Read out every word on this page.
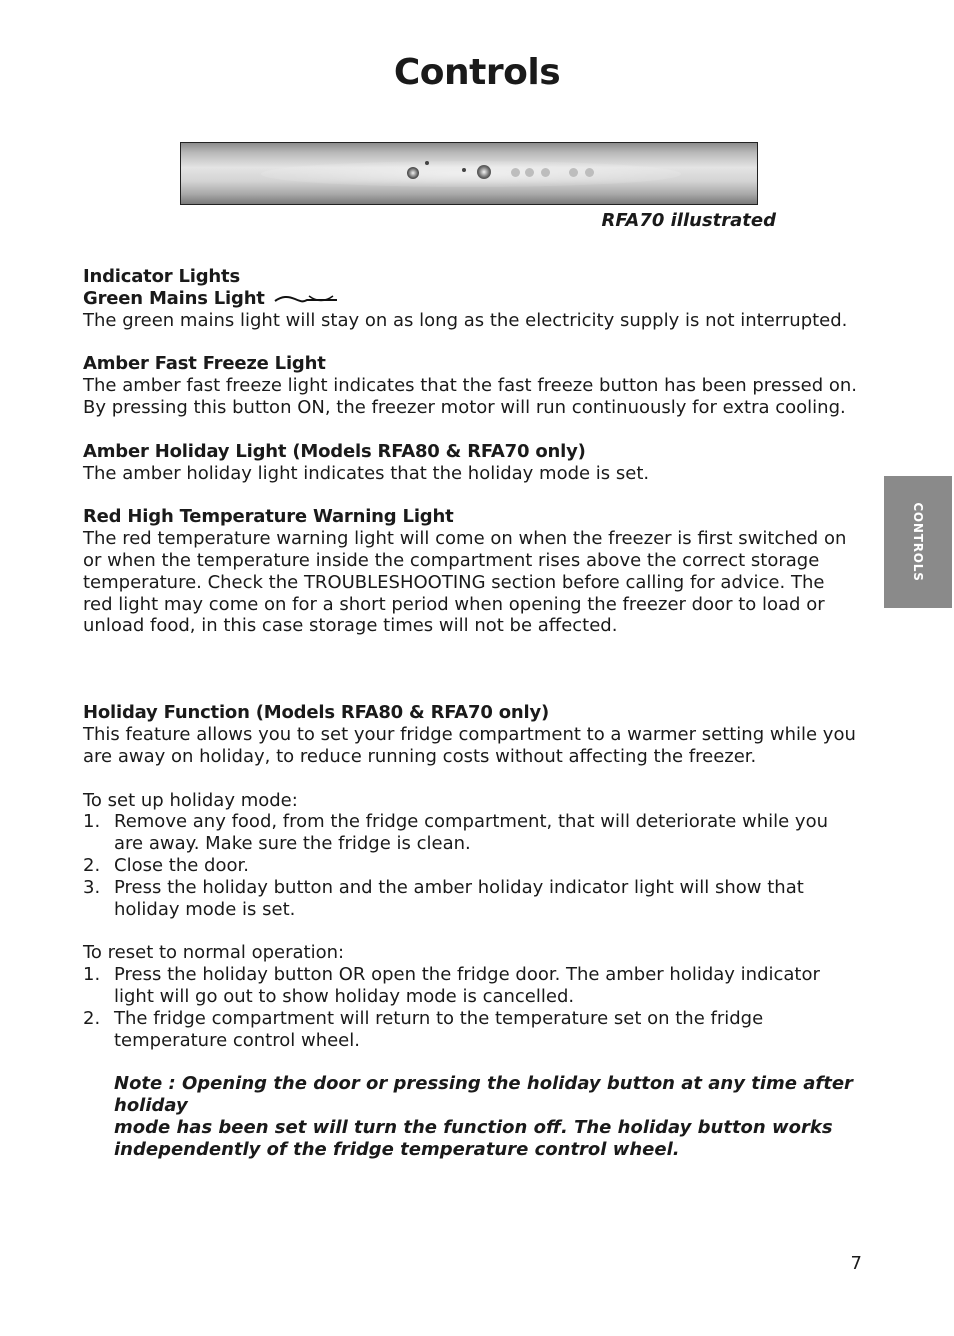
Controls
RFA70 illustrated

Indicator Lights

Green Mains Light

The green mains light will stay on as long as the electricity supply is not interrupted.

Amber Fast Freeze Light

The amber fast freeze light indicates that the fast freeze button has been pressed on.
By pressing this button ON, the freezer motor will run continuously for extra cooling.

Amber Holiday Light (Models RFA80 & RFA70 only)

The amber holiday light indicates that the holiday mode is set.

Red High Temperature Warning Light

The red temperature warning light will come on when the freezer is first switched on
or when the temperature inside the compartment rises above the correct storage
temperature. Check the TROUBLESHOOTING section before calling for advice. The
red light may come on for a short period when opening the freezer door to load or
unload food, in this case storage times will not be affected.

Holiday Function (Models RFA80 & RFA70 only)

This feature allows you to set your fridge compartment to a warmer setting while you
are away on holiday, to reduce running costs without affecting the freezer.

To set up holiday mode:

1. Remove any food, from the fridge compartment, that will deteriorate while you
are away. Make sure the fridge is clean.
2. Close the door.
3. Press the holiday button and the amber holiday indicator light will show that
holiday mode is set.

To reset to normal operation:

1. Press the holiday button OR open the fridge door. The amber holiday indicator
light will go out to show holiday mode is cancelled.
2. The fridge compartment will return to the temperature set on the fridge
temperature control wheel.

Note : Opening the door or pressing the holiday button at any time after holiday
mode has been set will turn the function off. The holiday button works
independently of the fridge temperature control wheel.

CONTROLS
7
